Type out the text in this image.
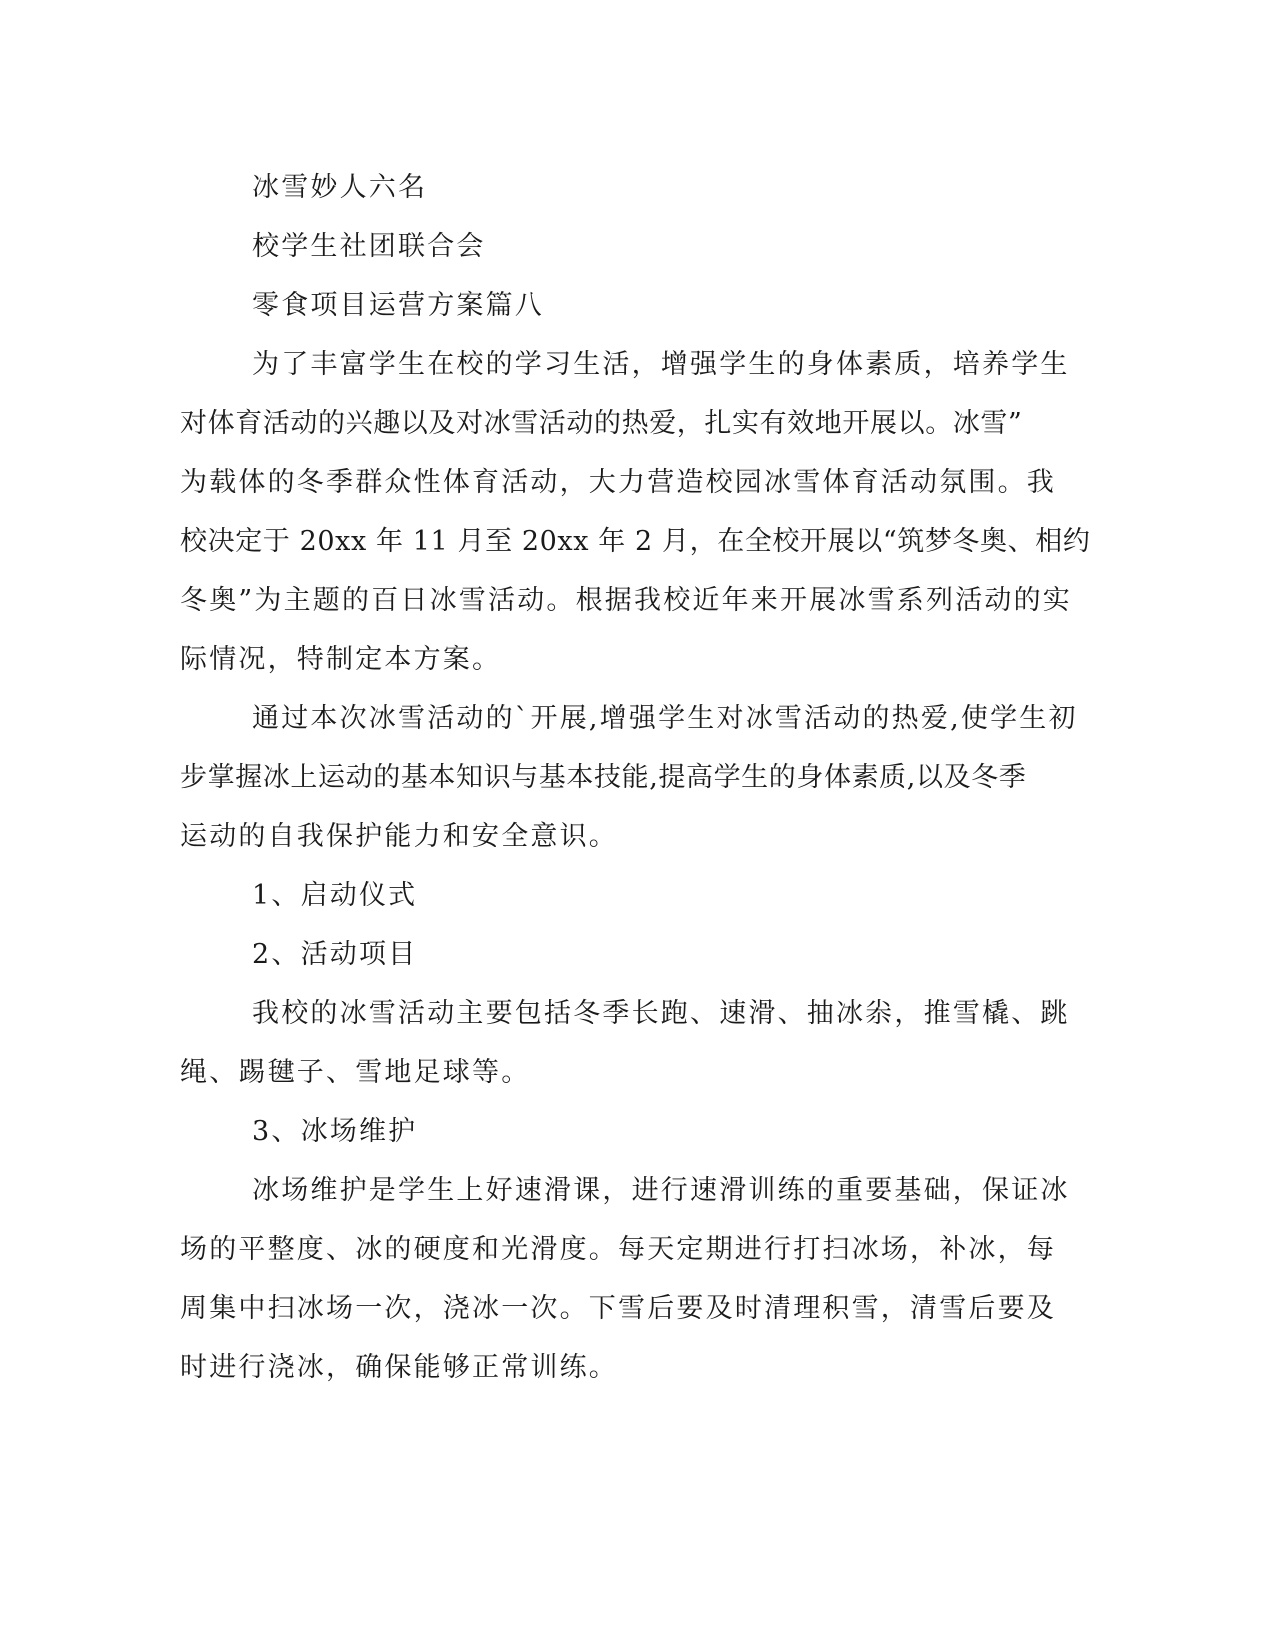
冰雪妙人六名

校学生社团联合会

零食项目运营方案篇八

为了丰富学生在校的学习生活，增强学生的身体素质，培养学生

对体育活动的兴趣以及对冰雪活动的热爱，扎实有效地开展以。冰雪”

为载体的冬季群众性体育活动，大力营造校园冰雪体育活动氛围。我

校决定于 20xx 年 11 月至 20xx 年 2 月，在全校开展以“筑梦冬奥、相约

冬奥”为主题的百日冰雪活动。根据我校近年来开展冰雪系列活动的实

际情况，特制定本方案。

通过本次冰雪活动的`开展,增强学生对冰雪活动的热爱,使学生初

步掌握冰上运动的基本知识与基本技能,提高学生的身体素质,以及冬季

运动的自我保护能力和安全意识。

1、启动仪式

2、活动项目

我校的冰雪活动主要包括冬季长跑、速滑、抽冰尜，推雪橇、跳

绳、踢毽子、雪地足球等。

3、冰场维护

冰场维护是学生上好速滑课，进行速滑训练的重要基础，保证冰

场的平整度、冰的硬度和光滑度。每天定期进行打扫冰场，补冰，每

周集中扫冰场一次，浇冰一次。下雪后要及时清理积雪，清雪后要及

时进行浇冰，确保能够正常训练。
